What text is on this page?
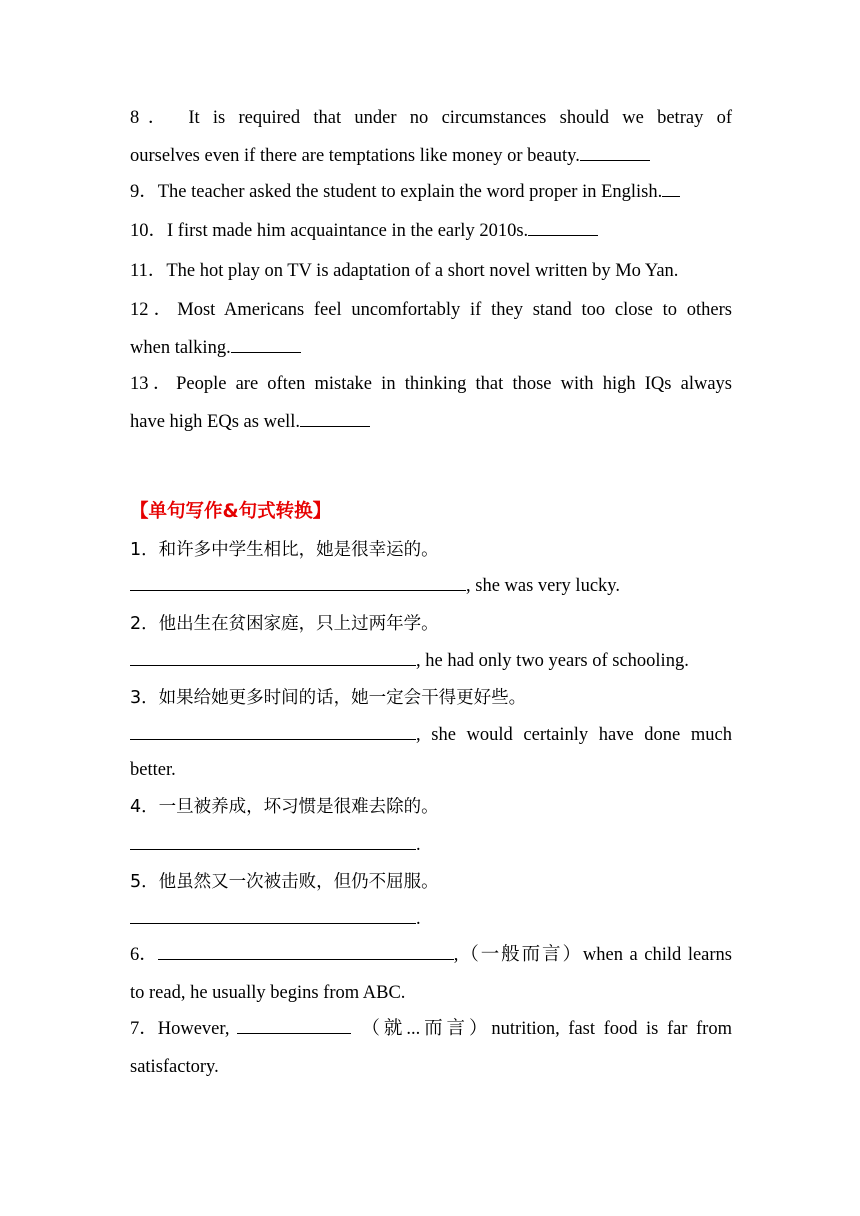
8． It is required that under no circumstances should we betray of
ourselves even if there are temptations like money or beauty.
9．The teacher asked the student to explain the word proper in English.
10．I first made him acquaintance in the early 2010s.
11．The hot play on TV is adaptation of a short novel written by Mo Yan.
12．Most Americans feel uncomfortably if they stand too close to others
when talking.
13．People are often mistake in thinking that those with high IQs always
have high EQs as well.
【单句写作&句式转换】
1．和许多中学生相比，她是很幸运的。
, she was very lucky.
2．他出生在贫困家庭，只上过两年学。
, he had only two years of schooling.
3．如果给她更多时间的话，她一定会干得更好些。
, she would certainly have done much
better.
4．一旦被养成，坏习惯是很难去除的。
.
5．他虽然又一次被击败，但仍不屈服。
.
6．	,（一般而言）when a child learns
to read, he usually begins from ABC.
7．However,	（就...而言）nutrition, fast food is far from
satisfactory.
